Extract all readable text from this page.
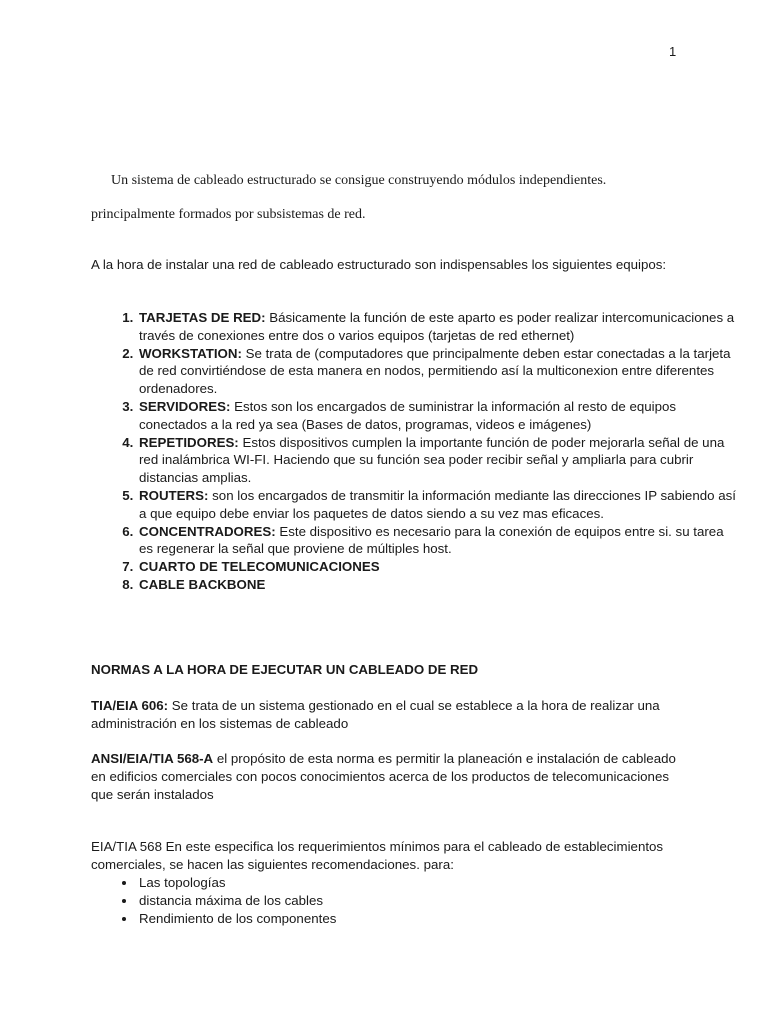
1
Un sistema de cableado estructurado se consigue construyendo módulos independientes.
principalmente formados por subsistemas de red.

A la hora de instalar una red de cableado estructurado son indispensables los siguientes equipos:

1. TARJETAS DE RED: Básicamente la función de este aparto es poder realizar intercomunicaciones a través de conexiones entre dos o varios equipos (tarjetas de red ethernet)
2. WORKSTATION: Se trata de (computadores que principalmente deben estar conectadas a la tarjeta de red convirtiéndose de esta manera en nodos, permitiendo así la multiconexion entre diferentes ordenadores.
3. SERVIDORES: Estos son los encargados de suministrar la información al resto de equipos conectados a la red ya sea (Bases de datos, programas, videos e imágenes)
4. REPETIDORES: Estos dispositivos cumplen la importante función de poder mejorarla señal de una red inalámbrica WI-FI. Haciendo que su función sea poder recibir señal y ampliarla para cubrir distancias amplias.
5. ROUTERS: son los encargados de transmitir la información mediante las direcciones IP sabiendo así a que equipo debe enviar los paquetes de datos siendo a su vez mas eficaces.
6. CONCENTRADORES: Este dispositivo es necesario para la conexión de equipos entre si. su tarea es regenerar la señal que proviene de múltiples host.
7. CUARTO DE TELECOMUNICACIONES
8. CABLE BACKBONE
NORMAS A LA HORA DE EJECUTAR UN CABLEADO DE RED

TIA/EIA 606: Se trata de un sistema gestionado en el cual se establece a la hora de realizar una administración en los sistemas de cableado

ANSI/EIA/TIA 568-A el propósito de esta norma es permitir la planeación e instalación de cableado en edificios comerciales con pocos conocimientos acerca de los productos de telecomunicaciones que serán instalados

EIA/TIA 568 En este especifica los requerimientos mínimos para el cableado de establecimientos comerciales, se hacen las siguientes recomendaciones. para:

• Las topologías
• distancia máxima de los cables
• Rendimiento de los componentes
